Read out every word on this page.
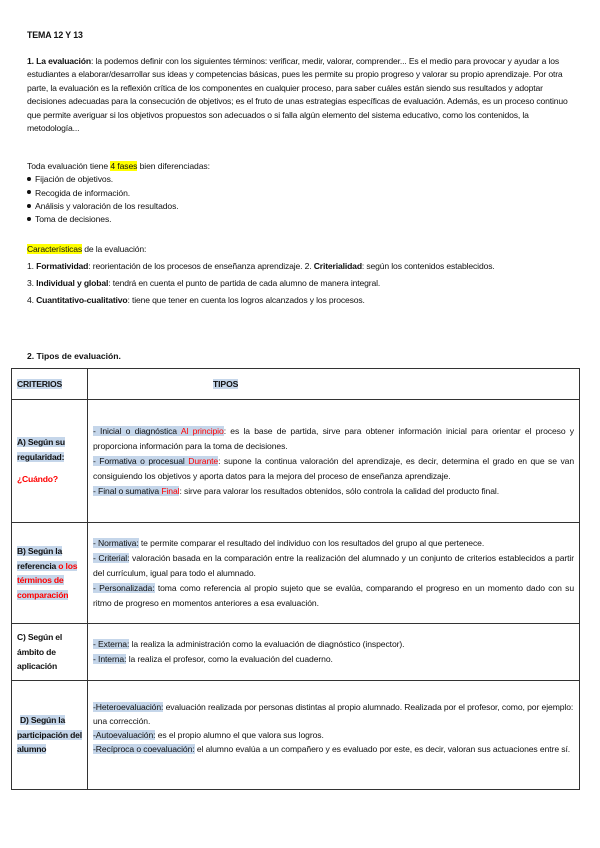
TEMA 12 Y 13
1. La evaluación: la podemos definir con los siguientes términos: verificar, medir, valorar, comprender... Es el medio para provocar y ayudar a los estudiantes a elaborar/desarrollar sus ideas y competencias básicas, pues les permite su propio progreso y valorar su propio aprendizaje. Por otra parte, la evaluación es la reflexión crítica de los componentes en cualquier proceso, para saber cuáles están siendo sus resultados y adoptar decisiones adecuadas para la consecución de objetivos; es el fruto de unas estrategias específicas de evaluación. Además, es un proceso continuo que permite averiguar si los objetivos propuestos son adecuados o si falla algún elemento del sistema educativo, como los contenidos, la metodología...
Toda evaluación tiene 4 fases bien diferenciadas:
Fijación de objetivos.
Recogida de información.
Análisis y valoración de los resultados.
Toma de decisiones.
Características de la evaluación:
1. Formatividad: reorientación de los procesos de enseñanza aprendizaje. 2. Criterialidad: según los contenidos establecidos.
3. Individual y global: tendrá en cuenta el punto de partida de cada alumno de manera integral.
4. Cuantitativo-cualitativo: tiene que tener en cuenta los logros alcanzados y los procesos.
2. Tipos de evaluación.
CRITERIOS	TIPOS
A) Según su regularidad:
¿Cuándo?

- Inicial o diagnóstica Al principio: es la base de partida, sirve para obtener información inicial para orientar el proceso y proporciona información para la toma de decisiones.
- Formativa o procesual Durante: supone la continua valoración del aprendizaje, es decir, determina el grado en que se van consiguiendo los objetivos y aporta datos para la mejora del proceso de enseñanza aprendizaje.
- Final o sumativa Final: sirve para valorar los resultados obtenidos, sólo controla la calidad del producto final.

B) Según la referencia o los términos de comparación	- Normativa: te permite comparar el resultado del individuo con los resultados del grupo al que pertenece.
- Criterial: valoración basada en la comparación entre la realización del alumnado y un conjunto de criterios establecidos a partir del currículum, igual para todo el alumnado.
- Personalizada: toma como referencia al propio sujeto que se evalúa, comparando el progreso en un momento dado con su ritmo de progreso en momentos anteriores a esa evaluación.

C) Según el ámbito de aplicación	- Externa: la realiza la administración como la evaluación de diagnóstico (inspector).
- Interna: la realiza el profesor, como la evaluación del cuaderno.

D) Según la participación del alumno	-Heteroevaluación: evaluación realizada por personas distintas al propio alumnado. Realizada por el profesor, como, por ejemplo: una corrección.
-Autoevaluación: es el propio alumno el que valora sus logros.
-Recíproca o coevaluación: el alumno evalúa a un compañero y es evaluado por este, es decir, valoran sus actuaciones entre sí.
